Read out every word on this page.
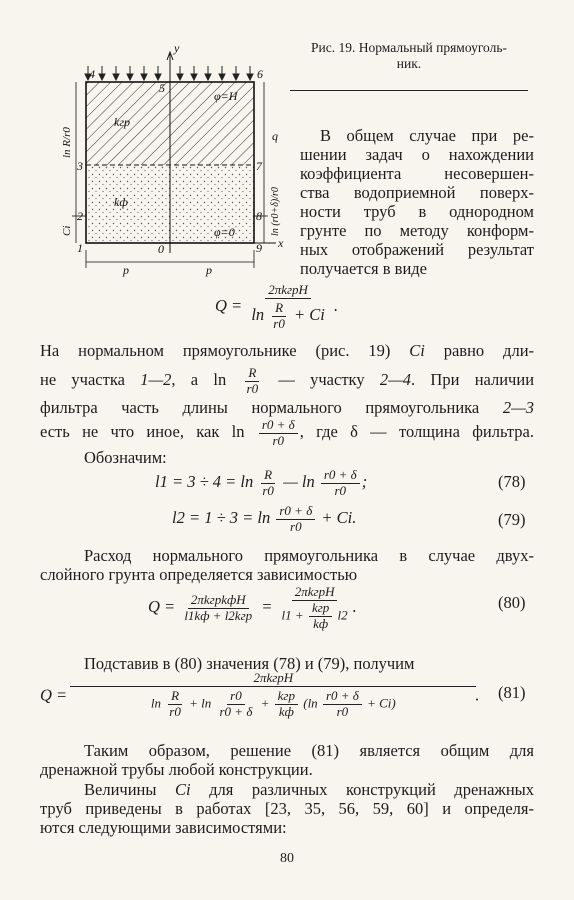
y
x
5
6
4
3
2
1	0
7
8
9
kгр
kф
φ=H
φ=0
p	p
q
ln R/r0
Ci	ln (r0+δ)/r0
Рис. 19. Нормальный прямоуголь-
ник.
В общем случае при ре-
шении задач о нахождении
коэффициента несовершен-
ства водоприемной поверх-
ности труб в однородном
грунте по методу конформ-
ных отображений результат
получается в виде
$Q = \frac{\text{2πkгрH}}{\ln \frac{R}{r0} + Ci}$ .
На нормальном прямоугольнике (рис. 19) Ci равно дли-
не участка 1—2, а $\ln \frac{R}{r0}$ — участку 2—4. При наличии
фильтра часть длины нормального прямоугольника 2—3
есть не что иное, как $\ln \frac{r0 + \delta}{r0}$ , где δ — толщина фильтра.
Обозначим:
$l1 = 3 \div 4 = \ln \frac{R}{r0}$ — $\ln \frac{r0 + \delta}{r0}$ ;	(78)
$l2 = 1 \div 3 = \ln \frac{r0 + \delta}{r0} + Ci$.	(79)
Расход нормального прямоугольника в случае двух-
слойного грунта определяется зависимостью
$Q = \frac{\text{2πkгрkфH}}{\text{l1kф + l2kгр}} = \frac{\text{2πkгрH}}{l1 + \frac{\text{kгр}}{kф} l2}$ .	(80)
Подставив в (80) значения (78) и (79), получим
Q =
2πkгрH
$\ln \frac{R}{r0} + \ln \frac{r0}{r0 + \delta} + \frac{\text{kгр}}{kф} (\ln \frac{r0 + \delta}{r0} + Ci)$	. (81)
Таким образом, решение (81) является общим для
дренажной трубы любой конструкции.
Величины Ci для различных конструкций дренажных
труб приведены в работах [23, 35, 56, 59, 60] и определя-
ются следующими зависимостями:
80
